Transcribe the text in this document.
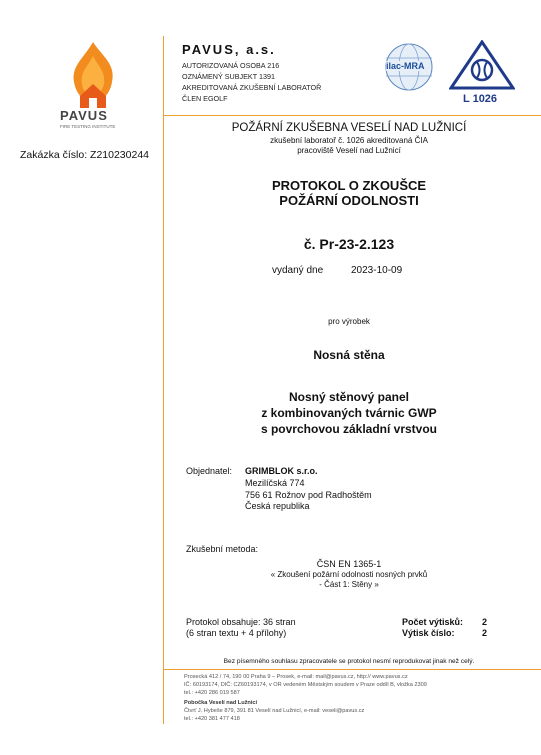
PAVUS
FIRE TESTING INSTITUTE
Zakázka číslo: Z210230244
PAVUS, a.s.
AUTORIZOVANÁ OSOBA 216
OZNÁMENÝ SUBJEKT 1391
AKREDITOVANÁ ZKUŠEBNÍ LABORATOŘ
ČLEN EGOLF
ilac-MRA
L 1026
POŽÁRNÍ ZKUŠEBNA VESELÍ NAD LUŽNICÍ
zkušební laboratoř č. 1026 akreditovaná ČIA
pracoviště Veselí nad Lužnicí
PROTOKOL O ZKOUŠCE
POŽÁRNÍ ODOLNOSTI
č. Pr-23-2.123
vydaný dne	2023-10-09
pro výrobek
Nosná stěna
Nosný stěnový panel
z kombinovaných tvárnic GWP
s povrchovou základní vrstvou
Objednatel: GRIMBLOK s.r.o.
Mezilíčská 774
756 61 Rožnov pod Radhoštěm
Česká republika
Zkušební metoda:
ČSN EN 1365-1
« Zkoušení požární odolnosti nosných prvků
- Část 1: Stěny »
Protokol obsahuje: 36 stran
(6 stran textu + 4 přílohy)
Počet výtisků: 2
Výtisk číslo:	2
Bez písemného souhlasu zpracovatele se protokol nesmí reprodukovat jinak než celý.
Prosecká 412 / 74, 190 00 Praha 9 – Prosek, e-mail: mail@pavus.cz, http:// www.pavus.cz
IČ: 60193174, DIČ: CZ60193174, v OR vedeném Městským soudem v Praze oddíl B, vložka 2309
tel.: +420 286 019 587
Pobočka Veselí nad Lužnicí
Čtvrť J. Hybeše 879, 391 81 Veselí nad Lužnicí, e-mail: veseli@pavus.cz
tel.: +420 381 477 418
